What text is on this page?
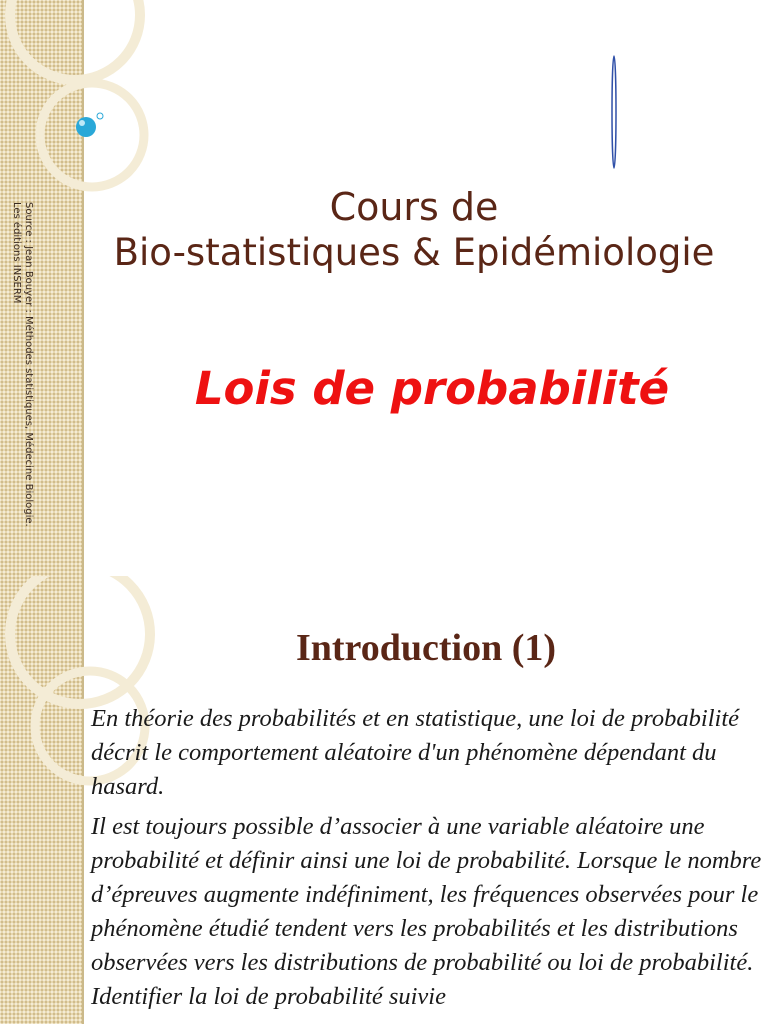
Source : Jean Bouyer : Méthodes statistiques, Médecine Biologie.
Les éditions INSERM	Cours de
Bio-statistiques & Epidémiologie
Lois de probabilité
Introduction (1)

En théorie des probabilités et en statistique, une loi de probabilité décrit le comportement aléatoire d'un phénomène dépendant du hasard.

Il est toujours possible d’associer à une variable aléatoire une probabilité et définir ainsi une loi de probabilité. Lorsque le nombre d’épreuves augmente indéfiniment, les fréquences observées pour le phénomène étudié tendent vers les probabilités et les distributions observées vers les distributions de probabilité ou loi de probabilité. Identifier la loi de probabilité suivie
